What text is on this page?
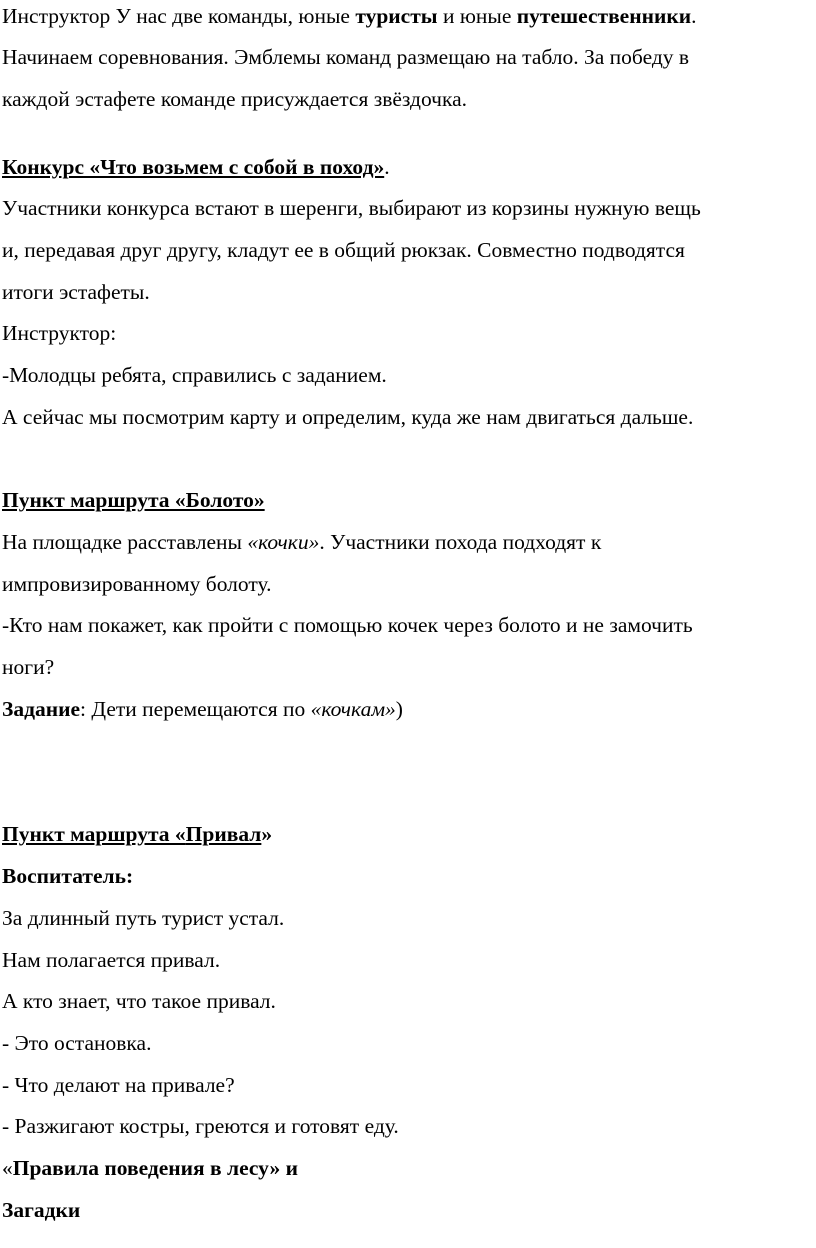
Инструктор У нас две команды, юные туристы и юные путешественники.
Начинаем соревнования. Эмблемы команд размещаю на табло. За победу в
каждой эстафете команде присуждается звёздочка.
Конкурс «Что возьмем с собой в поход».
Участники конкурса встают в шеренги, выбирают из корзины нужную вещь
и, передавая друг другу, кладут ее в общий рюкзак. Совместно подводятся
итоги эстафеты.
Инструктор:
-Молодцы ребята, справились с заданием.
А сейчас мы посмотрим карту и определим, куда же нам двигаться дальше.
Пункт маршрута «Болото»
На площадке расставлены «кочки». Участники похода подходят к
импровизированному болоту.
-Кто нам покажет, как пройти с помощью кочек через болото и не замочить
ноги?
Задание: Дети перемещаются по «кочкам»)
Пункт маршрута «Привал»
Воспитатель:
За длинный путь турист устал.
Нам полагается привал.
А кто знает, что такое привал.
- Это остановка.
- Что делают на привале?
- Разжигают костры, греются и готовят еду.
«Правила поведения в лесу» и
Загадки
